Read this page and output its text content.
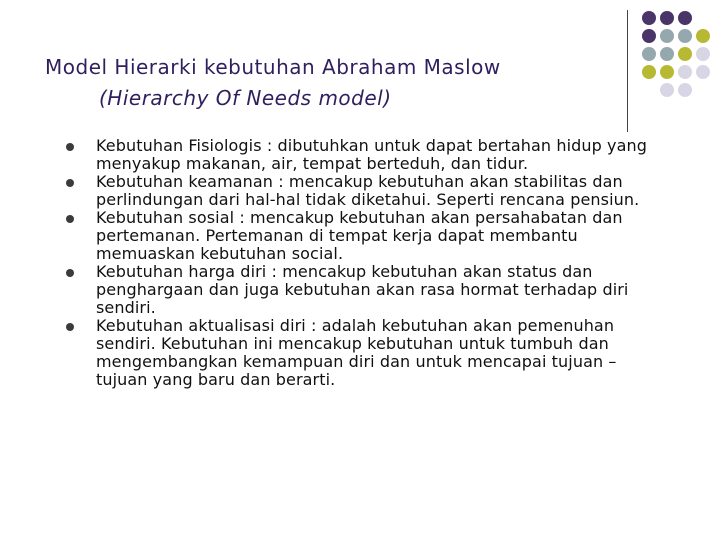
Model Hierarki kebutuhan Abraham Maslow
(Hierarchy Of Needs model)
Kebutuhan Fisiologis : dibutuhkan untuk dapat bertahan hidup yang menyakup makanan, air, tempat berteduh, dan tidur.
Kebutuhan keamanan : mencakup kebutuhan akan stabilitas dan perlindungan dari hal-hal tidak diketahui. Seperti rencana pensiun.
Kebutuhan sosial : mencakup kebutuhan akan persahabatan dan pertemanan. Pertemanan di tempat kerja dapat membantu memuaskan kebutuhan social.
Kebutuhan harga diri : mencakup kebutuhan akan status dan penghargaan dan juga kebutuhan akan rasa hormat terhadap diri sendiri.
Kebutuhan aktualisasi diri : adalah kebutuhan akan pemenuhan sendiri. Kebutuhan ini mencakup kebutuhan untuk tumbuh dan mengembangkan kemampuan diri dan untuk mencapai tujuan –tujuan yang baru dan berarti.
